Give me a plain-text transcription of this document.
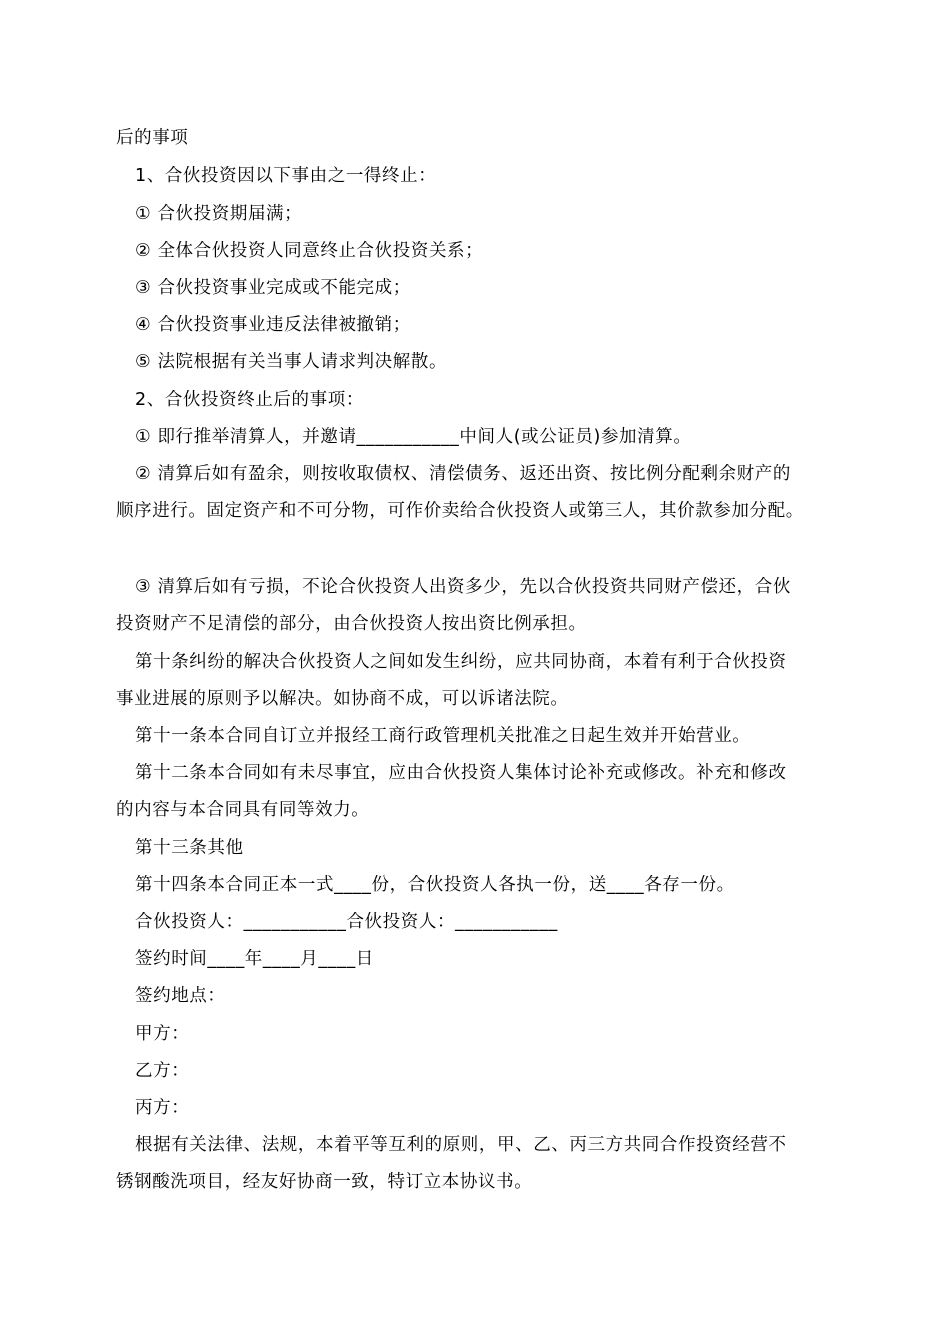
后的事项
1、合伙投资因以下事由之一得终止：
① 合伙投资期届满；
② 全体合伙投资人同意终止合伙投资关系；
③ 合伙投资事业完成或不能完成；
④ 合伙投资事业违反法律被撤销；
⑤ 法院根据有关当事人请求判决解散。
2、合伙投资终止后的事项：
① 即行推举清算人，并邀请___________中间人(或公证员)参加清算。
② 清算后如有盈余，则按收取债权、清偿债务、返还出资、按比例分配剩余财产的
顺序进行。固定资产和不可分物，可作价卖给合伙投资人或第三人，其价款参加分配。
③ 清算后如有亏损，不论合伙投资人出资多少，先以合伙投资共同财产偿还，合伙
投资财产不足清偿的部分，由合伙投资人按出资比例承担。
第十条纠纷的解决合伙投资人之间如发生纠纷，应共同协商，本着有利于合伙投资
事业进展的原则予以解决。如协商不成，可以诉诸法院。
第十一条本合同自订立并报经工商行政管理机关批准之日起生效并开始营业。
第十二条本合同如有未尽事宜，应由合伙投资人集体讨论补充或修改。补充和修改
的内容与本合同具有同等效力。
第十三条其他
第十四条本合同正本一式____份，合伙投资人各执一份，送____各存一份。
合伙投资人：___________合伙投资人：___________
签约时间____年____月____日
签约地点：
甲方：
乙方：
丙方：
根据有关法律、法规，本着平等互利的原则，甲、乙、丙三方共同合作投资经营不
锈钢酸洗项目，经友好协商一致，特订立本协议书。
